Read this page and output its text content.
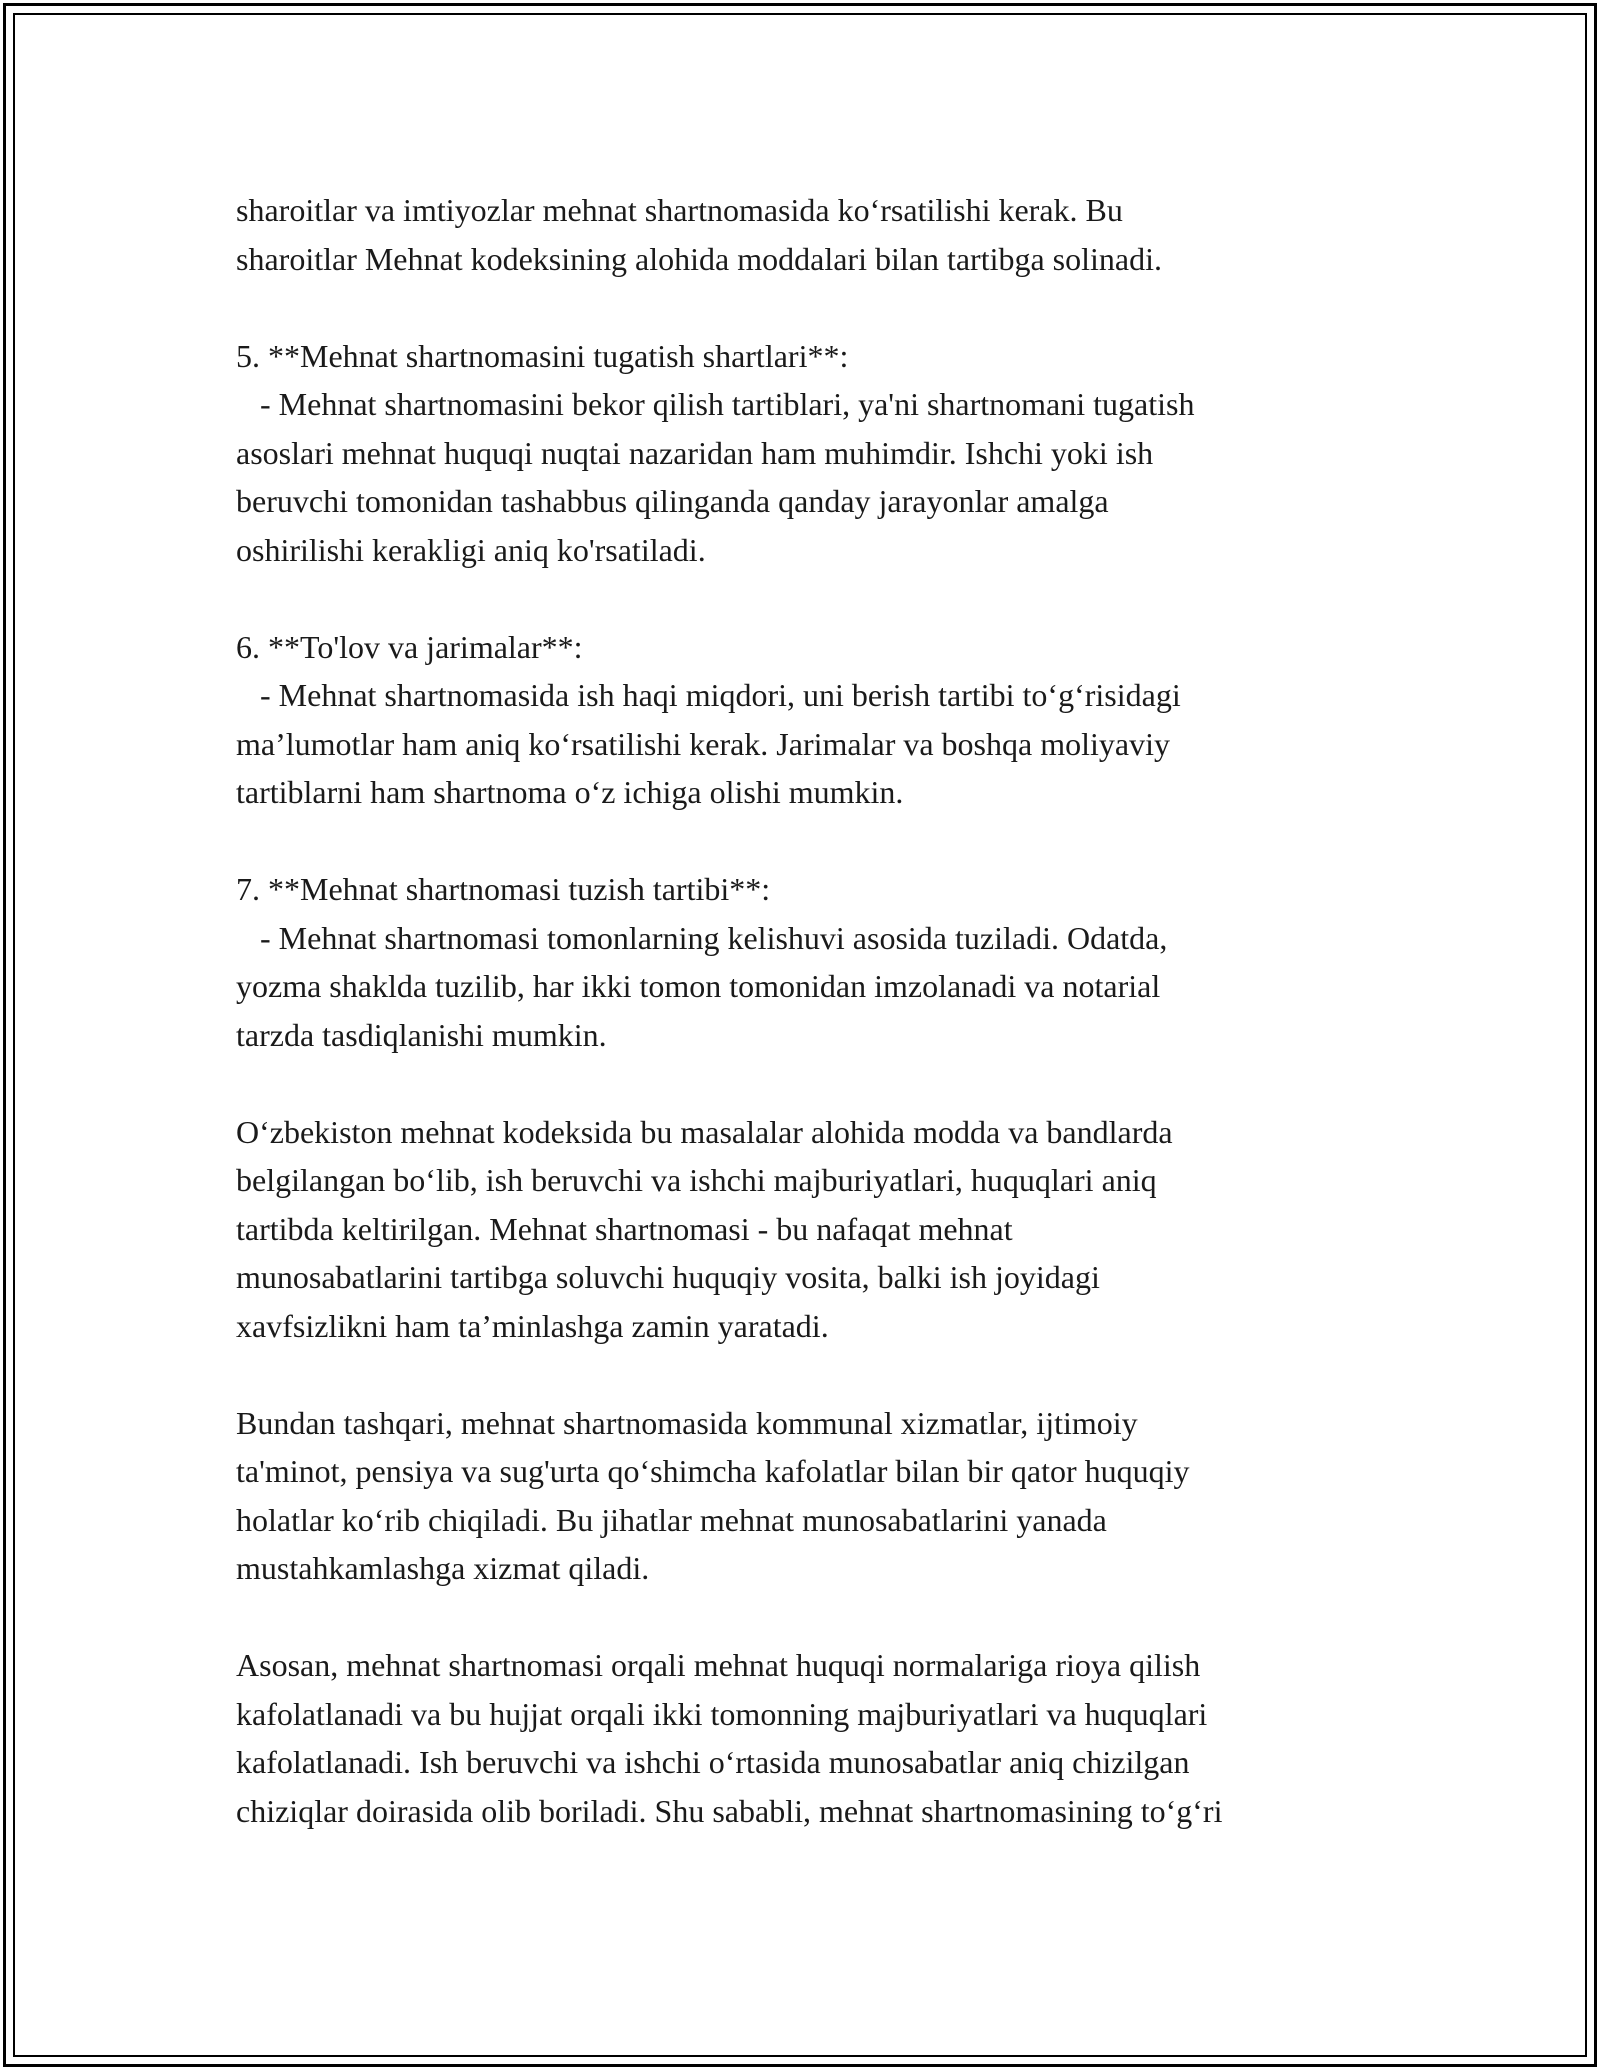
sharoitlar va imtiyozlar mehnat shartnomasida ko‘rsatilishi kerak. Bu
sharoitlar Mehnat kodeksining alohida moddalari bilan tartibga solinadi.
5. **Mehnat shartnomasini tugatish shartlari**:
- Mehnat shartnomasini bekor qilish tartiblari, ya'ni shartnomani tugatish
asoslari mehnat huquqi nuqtai nazaridan ham muhimdir. Ishchi yoki ish
beruvchi tomonidan tashabbus qilinganda qanday jarayonlar amalga
oshirilishi kerakligi aniq ko'rsatiladi.
6. **To'lov va jarimalar**:
- Mehnat shartnomasida ish haqi miqdori, uni berish tartibi to‘g‘risidagi
ma’lumotlar ham aniq ko‘rsatilishi kerak. Jarimalar va boshqa moliyaviy
tartiblarni ham shartnoma o‘z ichiga olishi mumkin.
7. **Mehnat shartnomasi tuzish tartibi**:
- Mehnat shartnomasi tomonlarning kelishuvi asosida tuziladi. Odatda,
yozma shaklda tuzilib, har ikki tomon tomonidan imzolanadi va notarial
tarzda tasdiqlanishi mumkin.
O‘zbekiston mehnat kodeksida bu masalalar alohida modda va bandlarda
belgilangan bo‘lib, ish beruvchi va ishchi majburiyatlari, huquqlari aniq
tartibda keltirilgan. Mehnat shartnomasi - bu nafaqat mehnat
munosabatlarini tartibga soluvchi huquqiy vosita, balki ish joyidagi
xavfsizlikni ham ta’minlashga zamin yaratadi.
Bundan tashqari, mehnat shartnomasida kommunal xizmatlar, ijtimoiy
ta'minot, pensiya va sug'urta qo‘shimcha kafolatlar bilan bir qator huquqiy
holatlar ko‘rib chiqiladi. Bu jihatlar mehnat munosabatlarini yanada
mustahkamlashga xizmat qiladi.
Asosan, mehnat shartnomasi orqali mehnat huquqi normalariga rioya qilish
kafolatlanadi va bu hujjat orqali ikki tomonning majburiyatlari va huquqlari
kafolatlanadi. Ish beruvchi va ishchi o‘rtasida munosabatlar aniq chizilgan
chiziqlar doirasida olib boriladi. Shu sababli, mehnat shartnomasining to‘g‘ri
